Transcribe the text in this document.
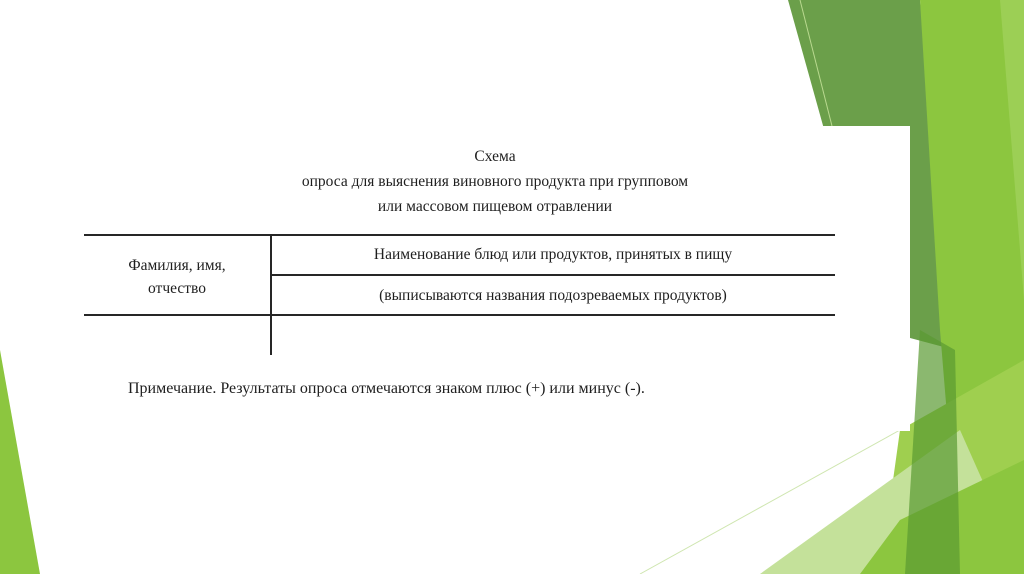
Схема
опроса для выяснения виновного продукта при групповом
или массовом пищевом отравлении
Фамилия, имя,
отчество
Наименование блюд или продуктов, принятых в пищу
(выписываются названия подозреваемых продуктов)
Примечание. Результаты опроса отмечаются знаком плюс (+) или минус (-).
